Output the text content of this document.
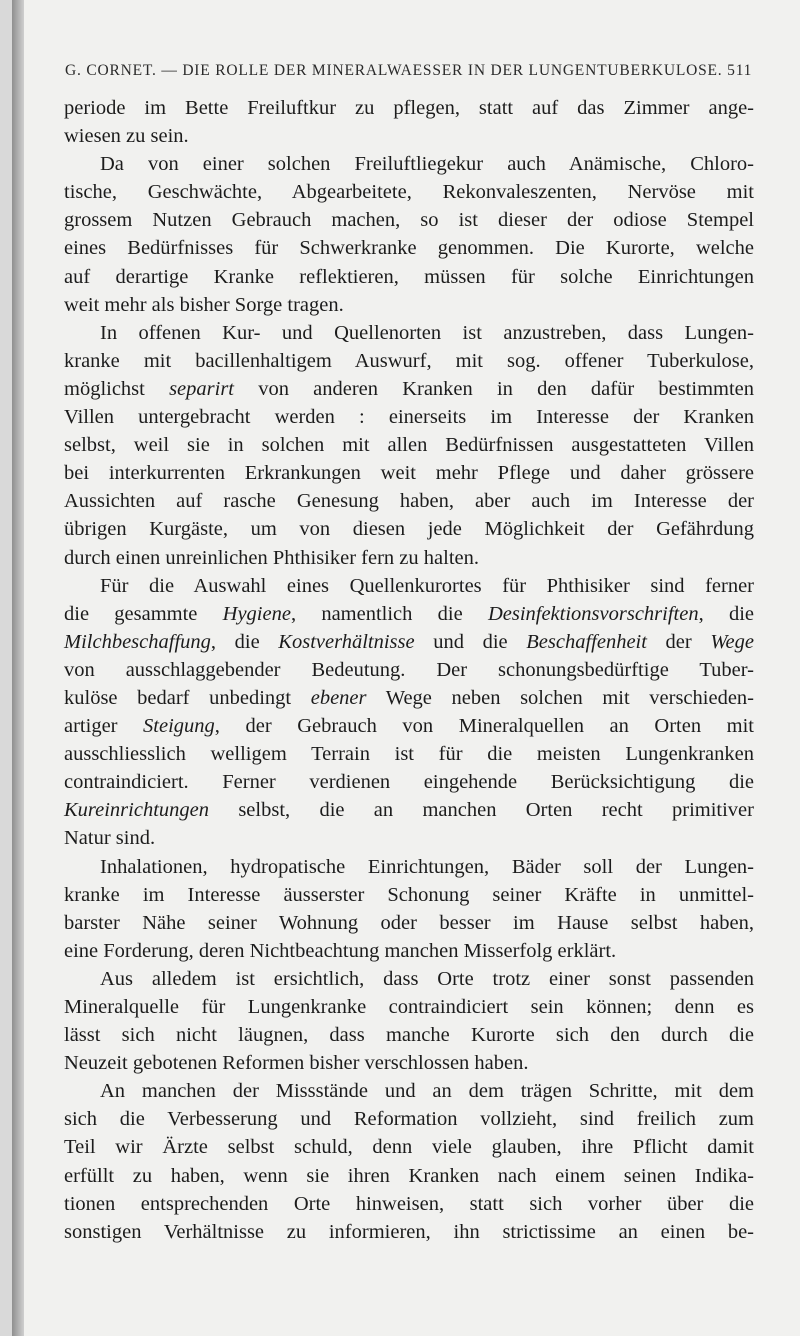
G. CORNET. — DIE ROLLE DER MINERALWAESSER IN DER LUNGENTUBERKULOSE. 511
periode im Bette Freiluftkur zu pflegen, statt auf das Zimmer ange-
wiesen zu sein.
Da von einer solchen Freiluftliegekur auch Anämische, Chloro-
tische, Geschwächte, Abgearbeitete, Rekonvaleszenten, Nervöse mit
grossem Nutzen Gebrauch machen, so ist dieser der odiose Stempel
eines Bedürfnisses für Schwerkranke genommen. Die Kurorte, welche
auf derartige Kranke reflektieren, müssen für solche Einrichtungen
weit mehr als bisher Sorge tragen.
In offenen Kur- und Quellenorten ist anzustreben, dass Lungen-
kranke mit bacillenhaltigem Auswurf, mit sog. offener Tuberkulose,
möglichst separirt von anderen Kranken in den dafür bestimmten
Villen untergebracht werden : einerseits im Interesse der Kranken
selbst, weil sie in solchen mit allen Bedürfnissen ausgestatteten Villen
bei interkurrenten Erkrankungen weit mehr Pflege und daher grössere
Aussichten auf rasche Genesung haben, aber auch im Interesse der
übrigen Kurgäste, um von diesen jede Möglichkeit der Gefährdung
durch einen unreinlichen Phthisiker fern zu halten.
Für die Auswahl eines Quellenkurortes für Phthisiker sind ferner
die gesammte Hygiene, namentlich die Desinfektionsvorschriften, die
Milchbeschaffung, die Kostverhältnisse und die Beschaffenheit der Wege
von ausschlaggebender Bedeutung. Der schonungsbedürftige Tuber-
kulöse bedarf unbedingt ebener Wege neben solchen mit verschieden-
artiger Steigung, der Gebrauch von Mineralquellen an Orten mit
ausschliesslich welligem Terrain ist für die meisten Lungenkranken
contraindiciert. Ferner verdienen eingehende Berücksichtigung die
Kureinrichtungen selbst, die an manchen Orten recht primitiver
Natur sind.
Inhalationen, hydropatische Einrichtungen, Bäder soll der Lungen-
kranke im Interesse äusserster Schonung seiner Kräfte in unmittel-
barster Nähe seiner Wohnung oder besser im Hause selbst haben,
eine Forderung, deren Nichtbeachtung manchen Misserfolg erklärt.
Aus alledem ist ersichtlich, dass Orte trotz einer sonst passenden
Mineralquelle für Lungenkranke contraindiciert sein können; denn es
lässt sich nicht läugnen, dass manche Kurorte sich den durch die
Neuzeit gebotenen Reformen bisher verschlossen haben.
An manchen der Missstände und an dem trägen Schritte, mit dem
sich die Verbesserung und Reformation vollzieht, sind freilich zum
Teil wir Ärzte selbst schuld, denn viele glauben, ihre Pflicht damit
erfüllt zu haben, wenn sie ihren Kranken nach einem seinen Indika-
tionen entsprechenden Orte hinweisen, statt sich vorher über die
sonstigen Verhältnisse zu informieren, ihn strictissime an einen be-
